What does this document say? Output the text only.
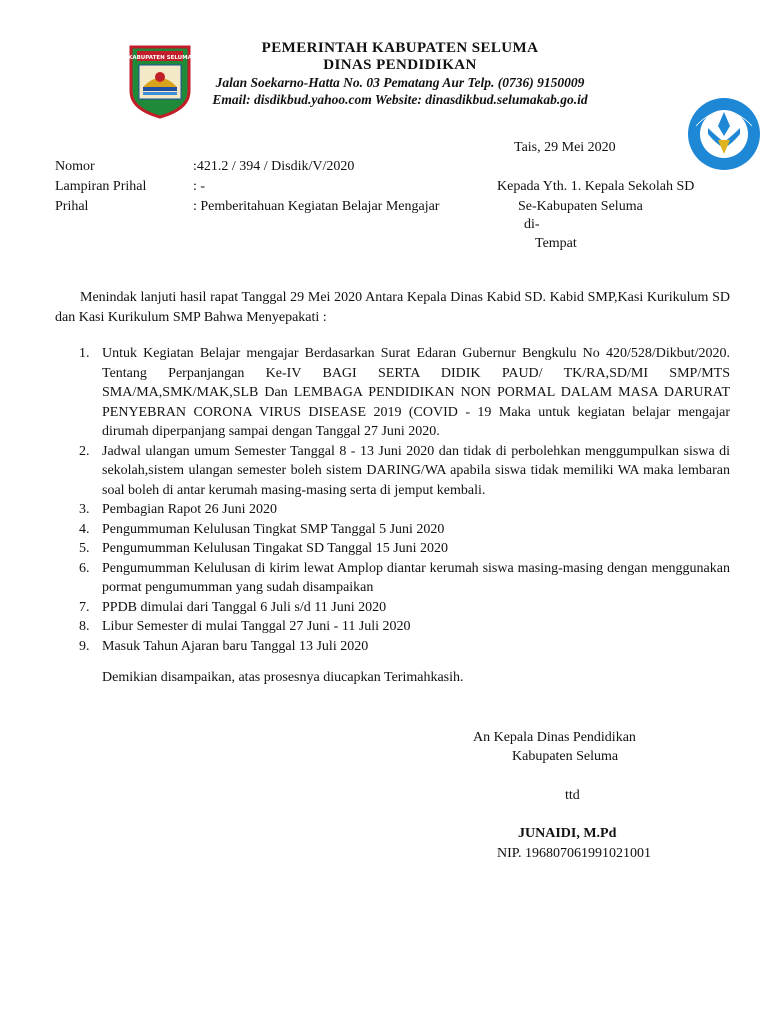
KABUPATEN SELUMA
PEMERINTAH KABUPATEN SELUMA
DINAS PENDIDIKAN
Jalan Soekarno-Hatta No. 03 Pematang Aur Telp. (0736) 9150009
Email: disdikbud.yahoo.com Website: dinasdikbud.selumakab.go.id
Tais, 29 Mei 2020
Nomor	:421.2 / 394 / Disdik/V/2020
Lampiran Prihal	: -
Prihal	: Pemberitahuan Kegiatan Belajar Mengajar
Kepada Yth. 1. Kepala Sekolah SD
Se-Kabupaten Seluma
di-
Tempat
Menindak lanjuti hasil rapat Tanggal 29 Mei 2020 Antara Kepala Dinas Kabid SD. Kabid SMP,Kasi Kurikulum SD dan Kasi Kurikulum SMP Bahwa Menyepakati :
1. Untuk Kegiatan Belajar mengajar Berdasarkan Surat Edaran Gubernur Bengkulu No 420/528/Dikbut/2020. Tentang Perpanjangan Ke-IV BAGI SERTA DIDIK PAUD/ TK/RA,SD/MI SMP/MTS SMA/MA,SMK/MAK,SLB Dan LEMBAGA PENDIDIKAN NON PORMAL DALAM MASA DARURAT PENYEBRAN CORONA VIRUS DISEASE 2019 (COVID - 19 Maka untuk kegiatan belajar mengajar dirumah diperpanjang sampai dengan Tanggal 27 Juni 2020.
2. Jadwal ulangan umum Semester Tanggal 8 - 13 Juni 2020 dan tidak di perbolehkan menggumpulkan siswa di sekolah,sistem ulangan semester boleh sistem DARING/WA apabila siswa tidak memiliki WA maka lembaran soal boleh di antar kerumah masing-masing serta di jemput kembali.
3. Pembagian Rapot 26 Juni 2020
4. Pengummuman Kelulusan Tingkat SMP Tanggal 5 Juni 2020
5. Pengumumman Kelulusan Tingakat SD Tanggal 15 Juni 2020
6. Pengumumman Kelulusan di kirim lewat Amplop diantar kerumah siswa masing-masing dengan menggunakan pormat pengumumman yang sudah disampaikan
7. PPDB dimulai dari Tanggal 6 Juli s/d 11 Juni 2020
8. Libur Semester di mulai Tanggal 27 Juni - 11 Juli 2020
9. Masuk Tahun Ajaran baru Tanggal 13 Juli 2020
Demikian disampaikan, atas prosesnya diucapkan Terimahkasih.
An Kepala Dinas Pendidikan
Kabupaten Seluma
ttd
JUNAIDI, M.Pd
NIP. 196807061991021001
